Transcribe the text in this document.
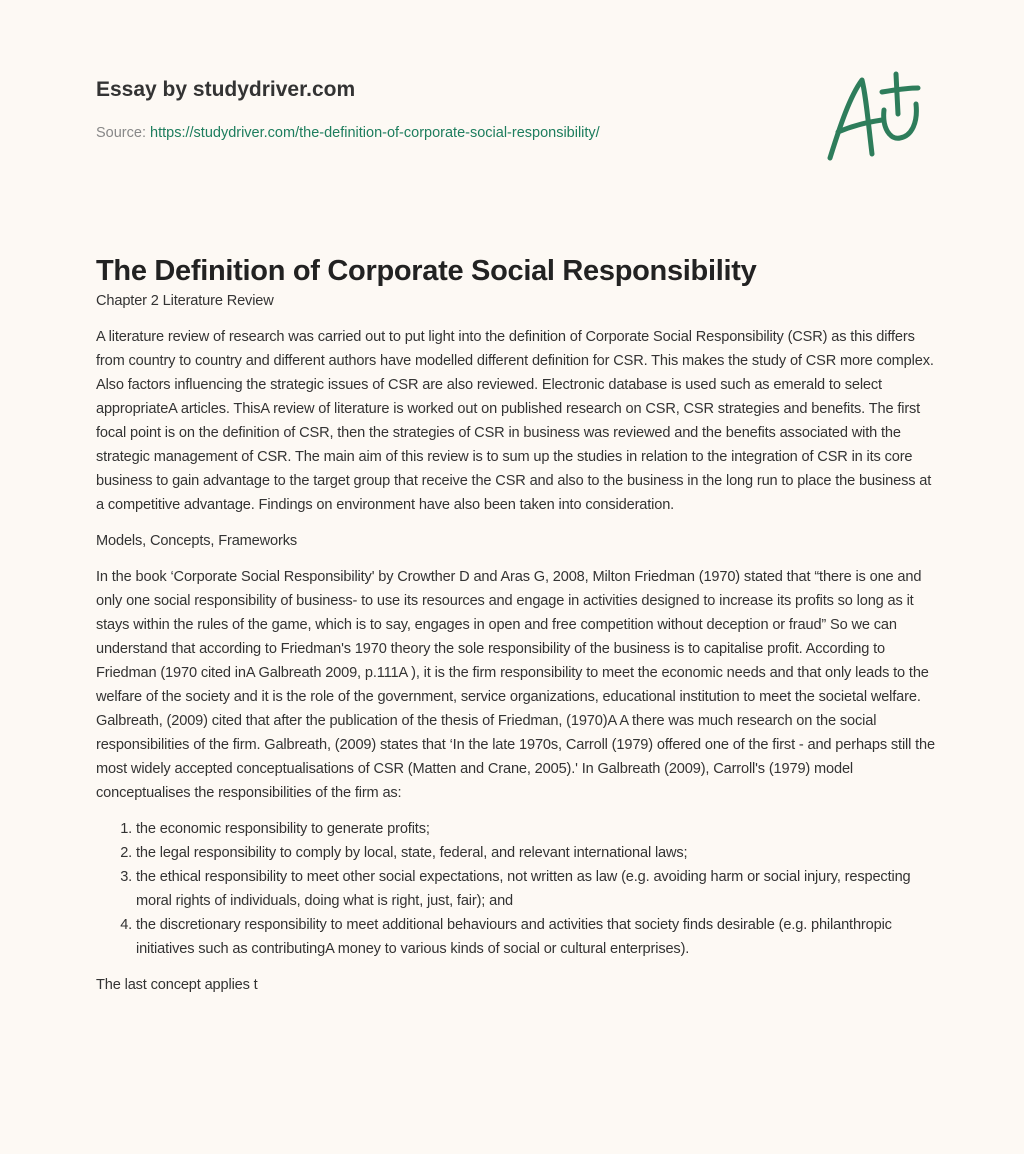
Essay by studydriver.com
Source: https://studydriver.com/the-definition-of-corporate-social-responsibility/
The Definition of Corporate Social Responsibility

Chapter 2 Literature Review

A literature review of research was carried out to put light into the definition of Corporate Social Responsibility (CSR) as this differs from country to country and different authors have modelled different definition for CSR. This makes the study of CSR more complex. Also factors influencing the strategic issues of CSR are also reviewed. Electronic database is used such as emerald to select appropriateA articles. ThisA review of literature is worked out on published research on CSR, CSR strategies and benefits. The first focal point is on the definition of CSR, then the strategies of CSR in business was reviewed and the benefits associated with the strategic management of CSR. The main aim of this review is to sum up the studies in relation to the integration of CSR in its core business to gain advantage to the target group that receive the CSR and also to the business in the long run to place the business at a competitive advantage. Findings on environment have also been taken into consideration.

Models, Concepts, Frameworks

In the book ‘Corporate Social Responsibility' by Crowther D and Aras G, 2008, Milton Friedman (1970) stated that “there is one and only one social responsibility of business- to use its resources and engage in activities designed to increase its profits so long as it stays within the rules of the game, which is to say, engages in open and free competition without deception or fraud” So we can understand that according to Friedman's 1970 theory the sole responsibility of the business is to capitalise profit. According to Friedman (1970 cited inA Galbreath 2009, p.111A ), it is the firm responsibility to meet the economic needs and that only leads to the welfare of the society and it is the role of the government, service organizations, educational institution to meet the societal welfare. Galbreath, (2009) cited that after the publication of the thesis of Friedman, (1970)A A there was much research on the social responsibilities of the firm. Galbreath, (2009) states that ‘In the late 1970s, Carroll (1979) offered one of the first - and perhaps still the most widely accepted conceptualisations of CSR (Matten and Crane, 2005).' In Galbreath (2009), Carroll's (1979) model conceptualises the responsibilities of the firm as:

1. the economic responsibility to generate profits;
2. the legal responsibility to comply by local, state, federal, and relevant international laws;
3. the ethical responsibility to meet other social expectations, not written as law (e.g. avoiding harm or social injury, respecting moral rights of individuals, doing what is right, just, fair); and
4. the discretionary responsibility to meet additional behaviours and activities that society finds desirable (e.g. philanthropic initiatives such as contributingA money to various kinds of social or cultural enterprises).

The last concept applies t
